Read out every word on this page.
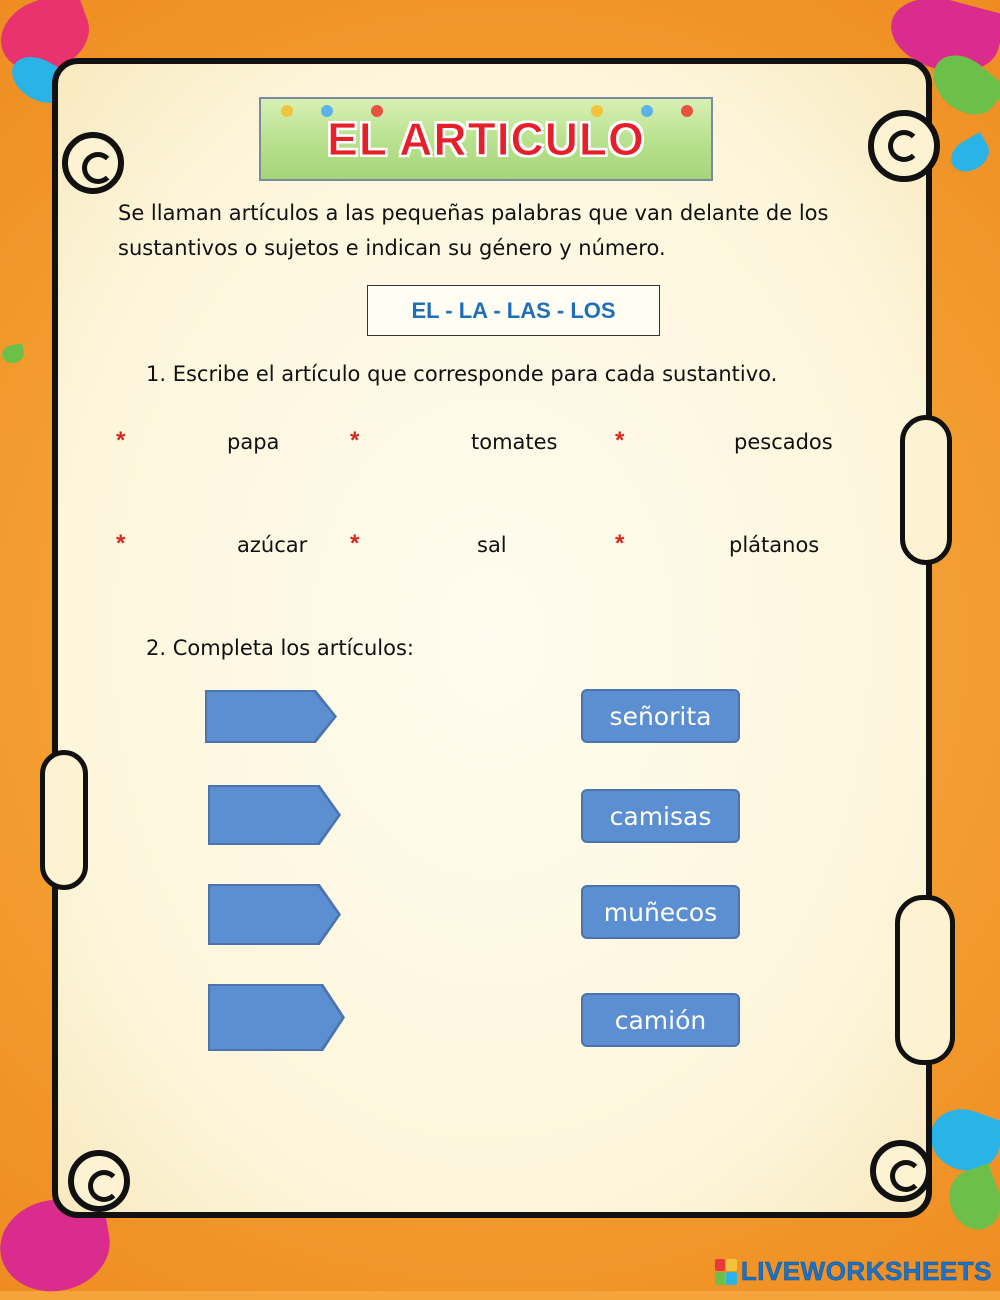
EL ARTICULO
Se llaman artículos a las pequeñas palabras que van delante de los sustantivos o sujetos e indican su género y número.
EL - LA - LAS - LOS
1. Escribe el artículo que corresponde para cada sustantivo.
*	papa	*	tomates *	pescados
*	azúcar *	sal	*	plátanos
2. Completa los artículos:
señorita
camisas
muñecos
camión
LIVEWORKSHEETS
